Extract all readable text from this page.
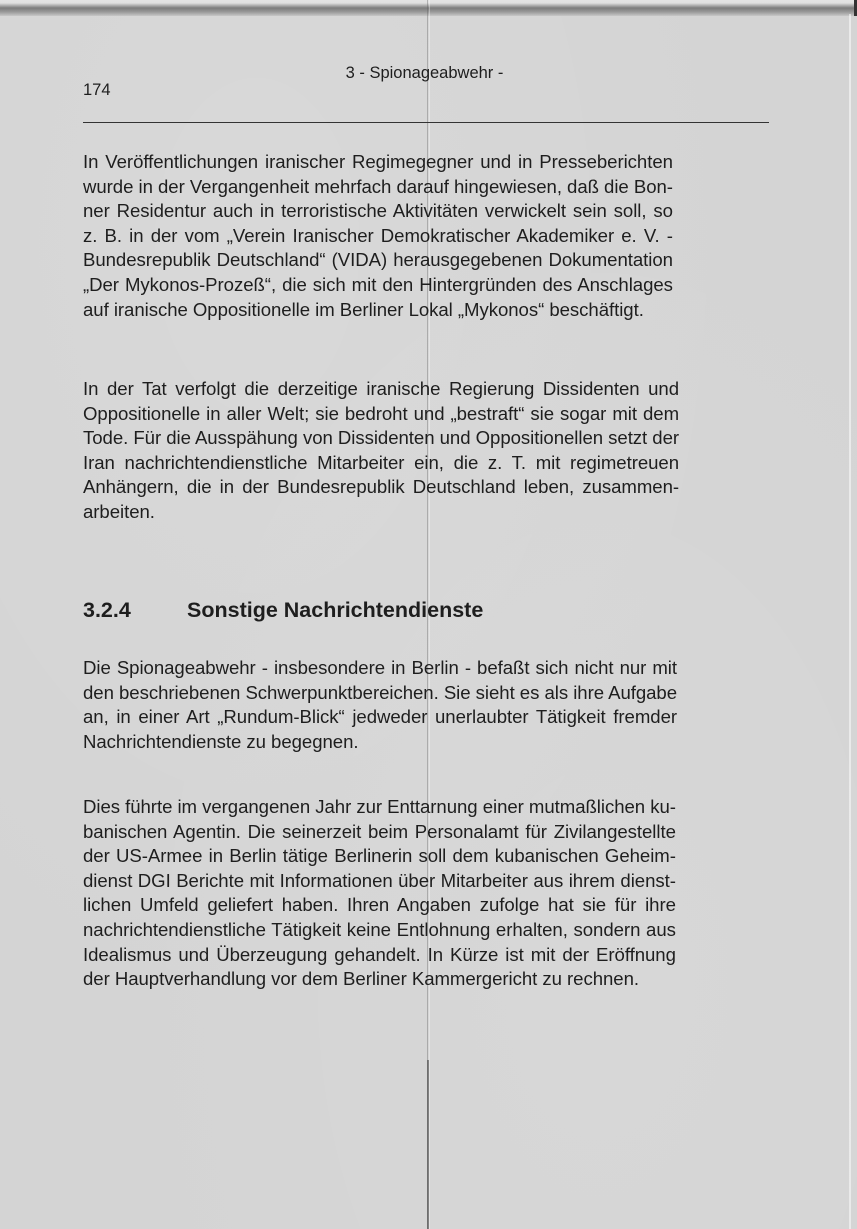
3 - Spionageabwehr -
174

In Veröffentlichungen iranischer Regimegegner und in Presseberichten
wurde in der Vergangenheit mehrfach darauf hingewiesen, daß die Bon-
ner Residentur auch in terroristische Aktivitäten verwickelt sein soll, so
z. B. in der vom „Verein Iranischer Demokratischer Akademiker e. V. -
Bundesrepublik Deutschland“ (VIDA) herausgegebenen Dokumentation
„Der Mykonos-Prozeß“, die sich mit den Hintergründen des Anschlages
auf iranische Oppositionelle im Berliner Lokal „Mykonos“ beschäftigt.

In der Tat verfolgt die derzeitige iranische Regierung Dissidenten und
Oppositionelle in aller Welt; sie bedroht und „bestraft“ sie sogar mit dem
Tode. Für die Ausspähung von Dissidenten und Oppositionellen setzt der
Iran nachrichtendienstliche Mitarbeiter ein, die z. T. mit regimetreuen
Anhängern, die in der Bundesrepublik Deutschland leben, zusammen-
arbeiten.

3.2.4	Sonstige Nachrichtendienste

Die Spionageabwehr - insbesondere in Berlin - befaßt sich nicht nur mit
den beschriebenen Schwerpunktbereichen. Sie sieht es als ihre Aufgabe
an, in einer Art „Rundum-Blick“ jedweder unerlaubter Tätigkeit fremder
Nachrichtendienste zu begegnen.

Dies führte im vergangenen Jahr zur Enttarnung einer mutmaßlichen ku-
banischen Agentin. Die seinerzeit beim Personalamt für Zivilangestellte
der US-Armee in Berlin tätige Berlinerin soll dem kubanischen Geheim-
dienst DGI Berichte mit Informationen über Mitarbeiter aus ihrem dienst-
lichen Umfeld geliefert haben. Ihren Angaben zufolge hat sie für ihre
nachrichtendienstliche Tätigkeit keine Entlohnung erhalten, sondern aus
Idealismus und Überzeugung gehandelt. In Kürze ist mit der Eröffnung
der Hauptverhandlung vor dem Berliner Kammergericht zu rechnen.
